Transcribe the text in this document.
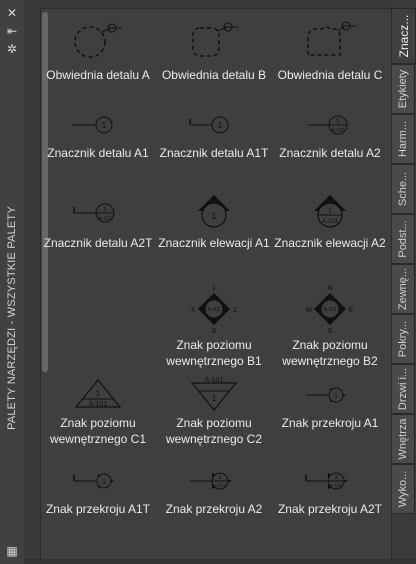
✕
⇤
✲
PALETY NARZĘDZI - WSZYSTKIE PALETY
▦
Obwiednia detalu A	Obwiednia detalu B Obwiednia detalu C
1
Znacznik detalu A1
1
Znacznik detalu A1T
1
A-101
Znacznik detalu A2
1
A-101
Znacznik detalu A2T
1
Znacznik elewacji A1
1
A-101
Znacznik elewacji A2
1
4	2
3
A-101
Znak poziomu wewnętrznego B1
N
W	E
S
A-101
Znak poziomu wewnętrznego B2
1
A-101
Znak poziomu wewnętrznego C1
A-101
1
Znak poziomu wewnętrznego C2
1
Znak przekroju A1
1
Znak przekroju A1T
1
A-101
Znak przekroju A2
1
A-101
Znak przekroju A2T
Znacz...
Etykiety
Harm...
Sche...
Podst...
Zewnę...
Pokry...
Drzwi i...
Wnętrza
Wyko...
